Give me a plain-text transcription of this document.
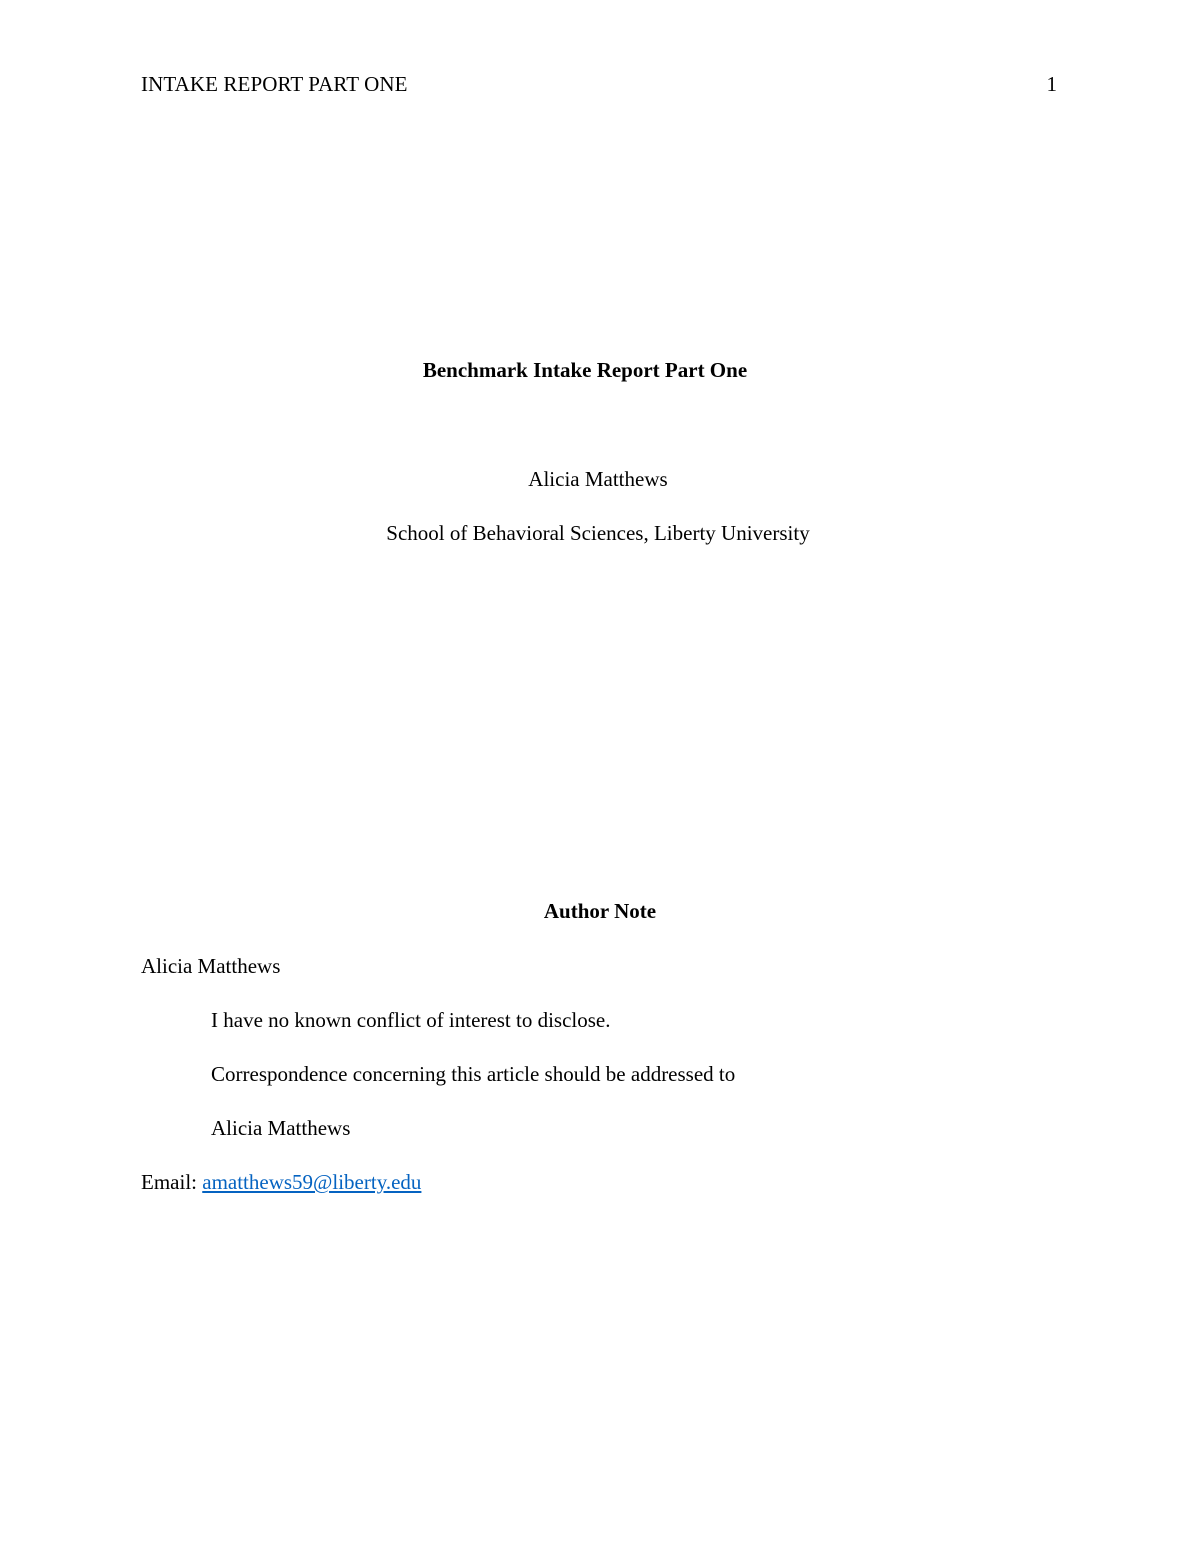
INTAKE REPORT PART ONE	1
Benchmark Intake Report Part One
Alicia Matthews
School of Behavioral Sciences, Liberty University
Author Note
Alicia Matthews
I have no known conflict of interest to disclose.
Correspondence concerning this article should be addressed to
Alicia Matthews
Email: amatthews59@liberty.edu
